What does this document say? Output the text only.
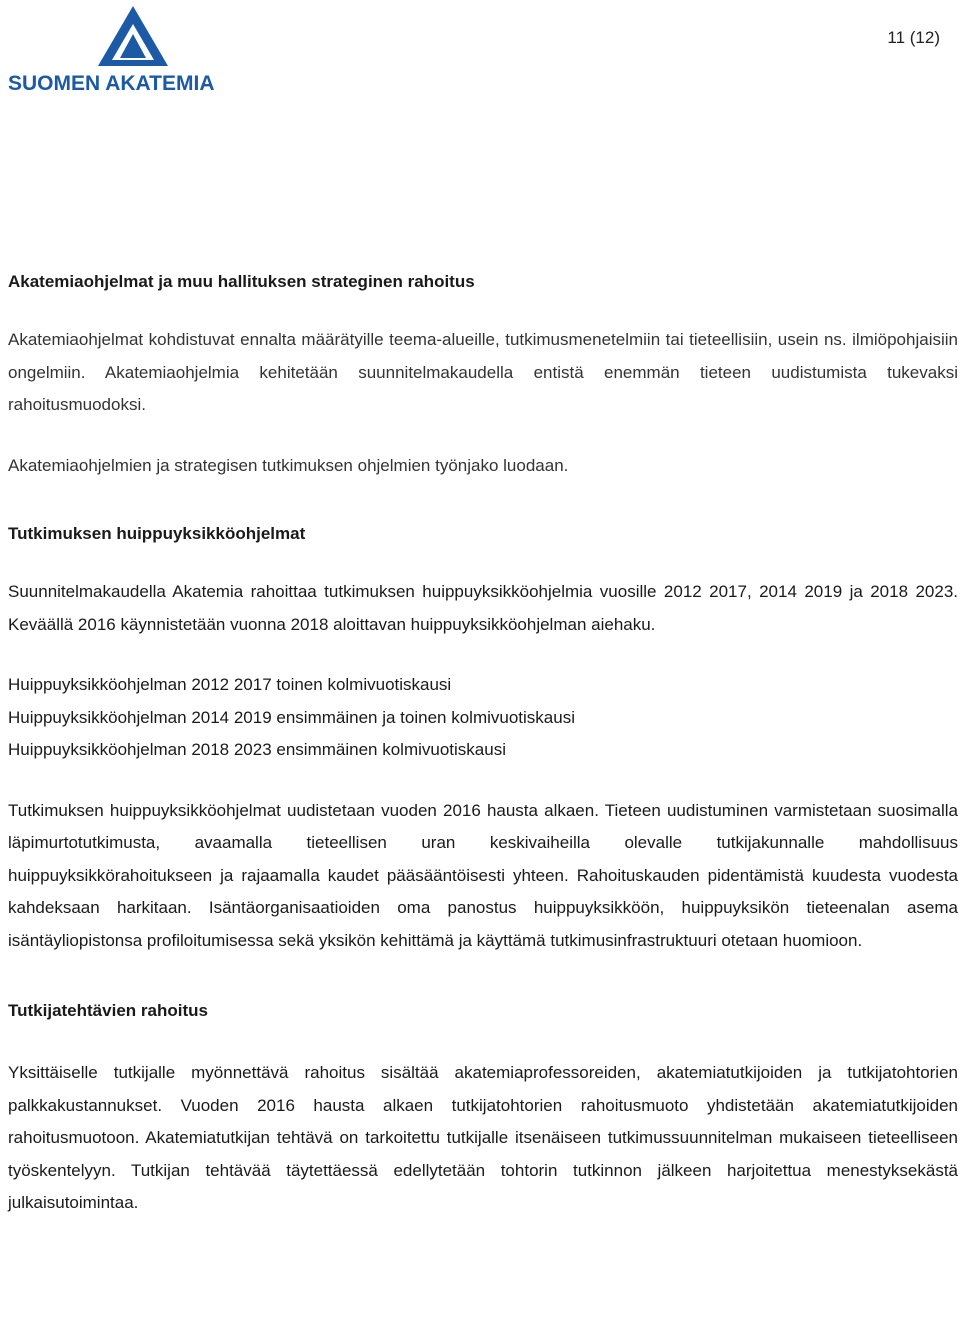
SUOMEN AKATEMIA
11 (12)
Akatemiaohjelmat ja muu hallituksen strateginen rahoitus

Akatemiaohjelmat kohdistuvat ennalta määrätyille teema-alueille, tutkimusmenetelmiin tai tieteellisiin, usein ns. ilmiöpohjaisiin ongelmiin. Akatemiaohjelmia kehitetään suunnitelmakaudella entistä enemmän tieteen uudistumista tukevaksi rahoitusmuodoksi.

Akatemiaohjelmien ja strategisen tutkimuksen ohjelmien työnjako luodaan.

Tutkimuksen huippuyksikköohjelmat

Suunnitelmakaudella Akatemia rahoittaa tutkimuksen huippuyksikköohjelmia vuosille 2012 2017, 2014 2019 ja 2018 2023. Keväällä 2016 käynnistetään vuonna 2018 aloittavan huippuyksikköohjelman aiehaku.

Huippuyksikköohjelman 2012 2017 toinen kolmivuotiskausi
Huippuyksikköohjelman 2014 2019 ensimmäinen ja toinen kolmivuotiskausi
Huippuyksikköohjelman 2018 2023 ensimmäinen kolmivuotiskausi

Tutkimuksen huippuyksikköohjelmat uudistetaan vuoden 2016 hausta alkaen. Tieteen uudistuminen varmistetaan suosimalla läpimurtotutkimusta, avaamalla tieteellisen uran keskivaiheilla olevalle tutkijakunnalle mahdollisuus huippuyksikkörahoitukseen ja rajaamalla kaudet pääsääntöisesti yhteen. Rahoituskauden pidentämistä kuudesta vuodesta kahdeksaan harkitaan. Isäntäorganisaatioiden oma panostus huippuyksikköön, huippuyksikön tieteenalan asema isäntäyliopistonsa profiloitumisessa sekä yksikön kehittämä ja käyttämä tutkimusinfrastruktuuri otetaan huomioon.

Tutkijatehtävien rahoitus

Yksittäiselle tutkijalle myönnettävä rahoitus sisältää akatemiaprofessoreiden, akatemiatutkijoiden ja tutkijatohtorien palkkakustannukset. Vuoden 2016 hausta alkaen tutkijatohtorien rahoitusmuoto yhdistetään akatemiatutkijoiden rahoitusmuotoon. Akatemiatutkijan tehtävä on tarkoitettu tutkijalle itsenäiseen tutkimussuunnitelman mukaiseen tieteelliseen työskentelyyn. Tutkijan tehtävää täytettäessä edellytetään tohtorin tutkinnon jälkeen harjoitettua menestyksekästä julkaisutoimintaa.
